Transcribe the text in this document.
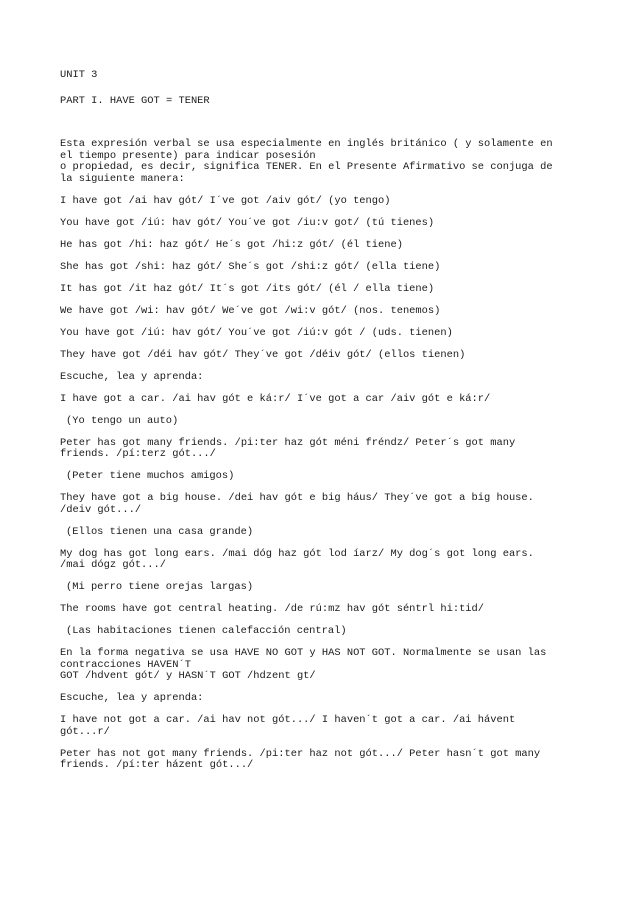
UNIT 3

PART I. HAVE GOT = TENER

Esta expresión verbal se usa especialmente en inglés británico ( y solamente en
el tiempo presente) para indicar posesión
o propiedad, es decir, significa TENER. En el Presente Afirmativo se conjuga de
la siguiente manera:

I have got /ai hav gót/ I´ve got /aiv gót/ (yo tengo)

You have got /iú: hav gót/ You´ve got /iu:v got/ (tú tienes)

He has got /hi: haz gót/ He´s got /hi:z gót/ (él tiene)

She has got /shi: haz gót/ She´s got /shi:z gót/ (ella tiene)

It has got /it haz gót/ It´s got /its gót/ (él / ella tiene)

We have got /wi: hav gót/ We´ve got /wi:v gót/ (nos. tenemos)

You have got /iú: hav gót/ You´ve got /iú:v gót / (uds. tienen)

They have got /déi hav gót/ They´ve got /déiv gót/ (ellos tienen)

Escuche, lea y aprenda:

I have got a car. /ai hav gót e ká:r/ I´ve got a car /aiv gót e ká:r/

(Yo tengo un auto)

Peter has got many friends. /pi:ter haz gót méni fréndz/ Peter´s got many
friends. /pí:terz gót.../

(Peter tiene muchos amigos)

They have got a big house. /dei hav gót e big háus/ They´ve got a big house.
/deiv gót.../

(Ellos tienen una casa grande)

My dog has got long ears. /mai dóg haz gót lod íarz/ My dog´s got long ears.
/mai dógz gót.../

(Mi perro tiene orejas largas)

The rooms have got central heating. /de rú:mz hav gót séntrl hi:tid/

(Las habitaciones tienen calefacción central)

En la forma negativa se usa HAVE NO GOT y HAS NOT GOT. Normalmente se usan las
contracciones HAVEN´T
GOT /hdvent gót/ y HASN´T GOT /hdzent gt/

Escuche, lea y aprenda:

I have not got a car. /ai hav not gót.../ I haven´t got a car. /ai hávent
gót...r/

Peter has not got many friends. /pi:ter haz not gót.../ Peter hasn´t got many
friends. /pí:ter házent gót.../
